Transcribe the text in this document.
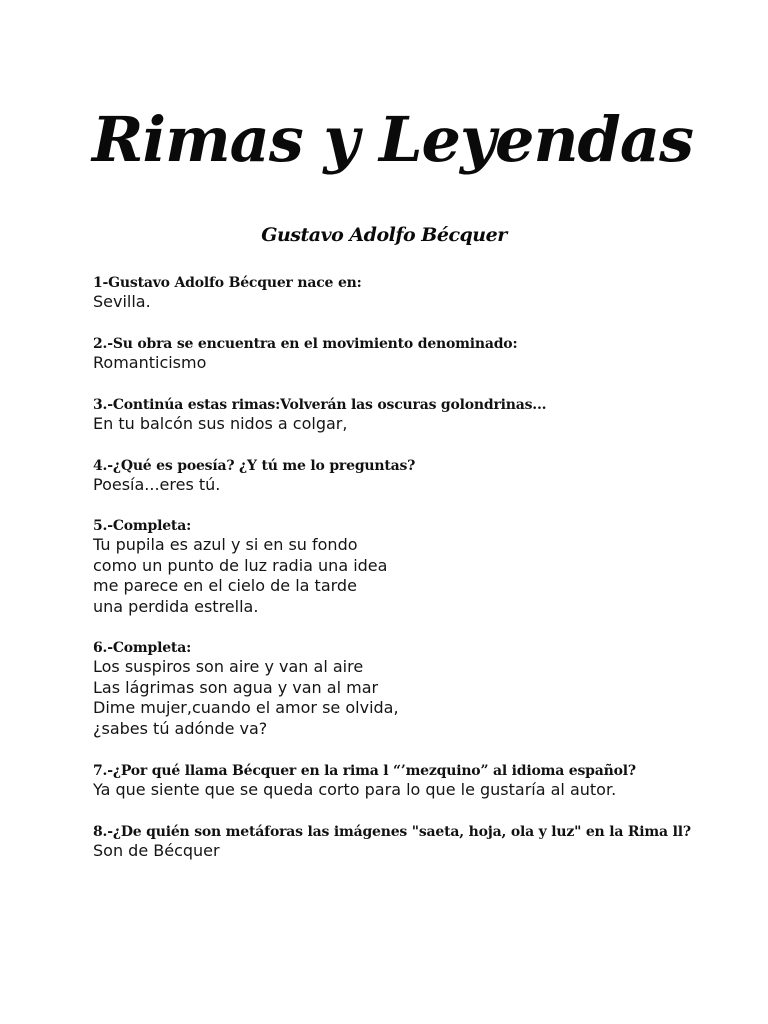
Rimas y Leyendas
Gustavo Adolfo Bécquer
1-Gustavo Adolfo Bécquer nace en:
Sevilla.
2.-Su obra se encuentra en el movimiento denominado:
Romanticismo
3.-Continúa estas rimas:Volverán las oscuras golondrinas...
En tu balcón sus nidos a colgar,
4.-¿Qué es poesía? ¿Y tú me lo preguntas?
Poesía...eres tú.
5.-Completa:
Tu pupila es azul y si en su fondo
como un punto de luz radia una idea
me parece en el cielo de la tarde
una perdida estrella.
6.-Completa:
Los suspiros son aire y van al aire
Las lágrimas son agua y van al mar
Dime mujer,cuando el amor se olvida,
¿sabes tú adónde va?
7.-¿Por qué llama Bécquer en la rima l “’mezquino” al idioma español?
Ya que siente que se queda corto para lo que le gustaría al autor.
8.-¿De quién son metáforas las imágenes "saeta, hoja, ola y luz" en la Rima ll?
Son de Bécquer
